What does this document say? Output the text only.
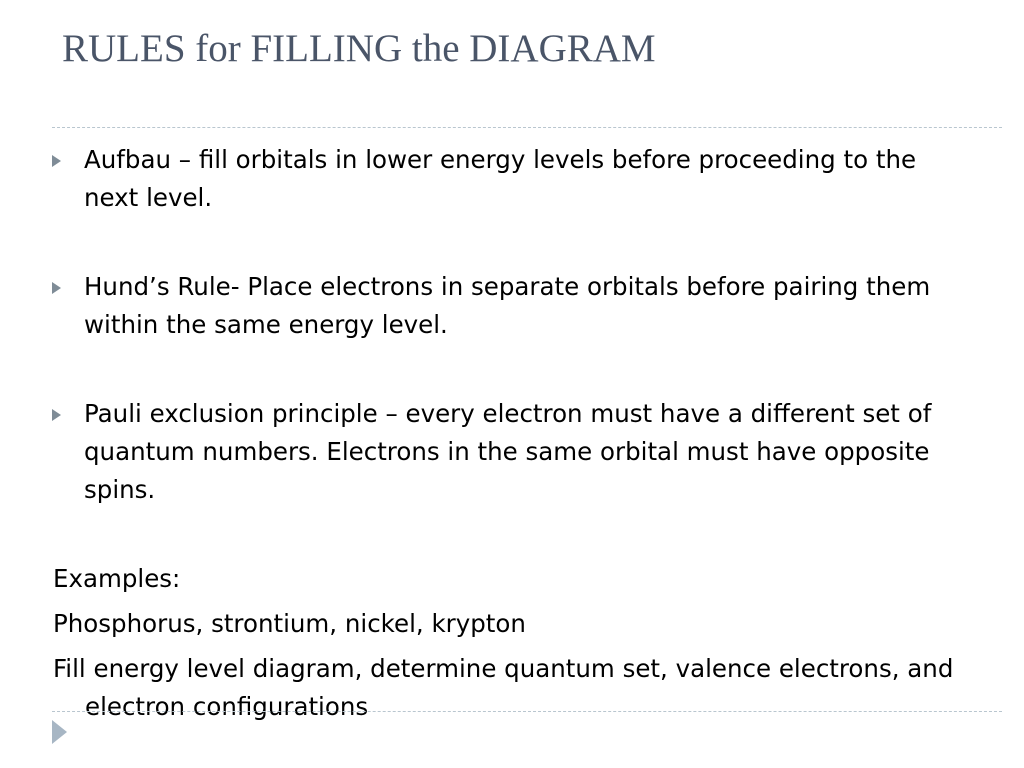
RULES for FILLING the DIAGRAM
Aufbau – fill orbitals in lower energy levels before proceeding to the next level.
Hund’s Rule- Place electrons in separate orbitals before pairing them within the same energy level.
Pauli exclusion principle – every electron must have a different set of quantum numbers. Electrons in the same orbital must have opposite spins.

Examples:

Phosphorus, strontium, nickel, krypton

Fill energy level diagram, determine quantum set, valence electrons, and electron configurations
